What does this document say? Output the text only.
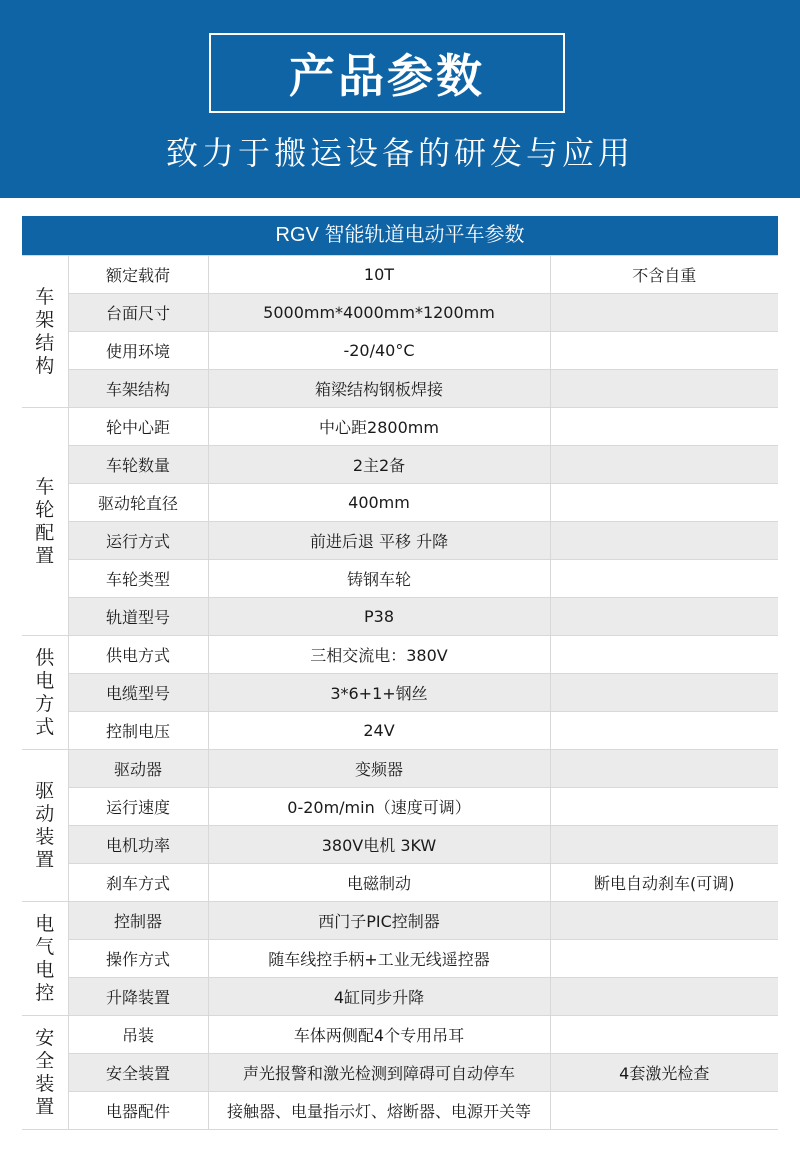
产品参数
致力于搬运设备的研发与应用
RGV 智能轨道电动平车参数
车架结构	额定载荷	10T	不含自重
	台面尺寸	5000mm*4000mm*1200mm	
	使用环境	-20/40°C	
	车架结构	箱梁结构钢板焊接	
车轮配置	轮中心距	中心距2800mm	
	车轮数量	2主2备	
	驱动轮直径	400mm	
	运行方式	前进后退 平移 升降	
	车轮类型	铸钢车轮	
	轨道型号	P38	
供电方式	供电方式	三相交流电：380V	
	电缆型号	3*6+1+钢丝	
	控制电压	24V	
驱动装置	驱动器	变频器	
	运行速度	0-20m/min（速度可调）	
	电机功率	380V电机 3KW	
	刹车方式	电磁制动	断电自动刹车(可调)
电气电控	控制器	西门子PIC控制器	
	操作方式	随车线控手柄+工业无线遥控器	
	升降装置	4缸同步升降	
安全装置	吊装	车体两侧配4个专用吊耳	
	安全装置	声光报警和激光检测到障碍可自动停车	4套激光检查
	电器配件	接触器、电量指示灯、熔断器、电源开关等	
